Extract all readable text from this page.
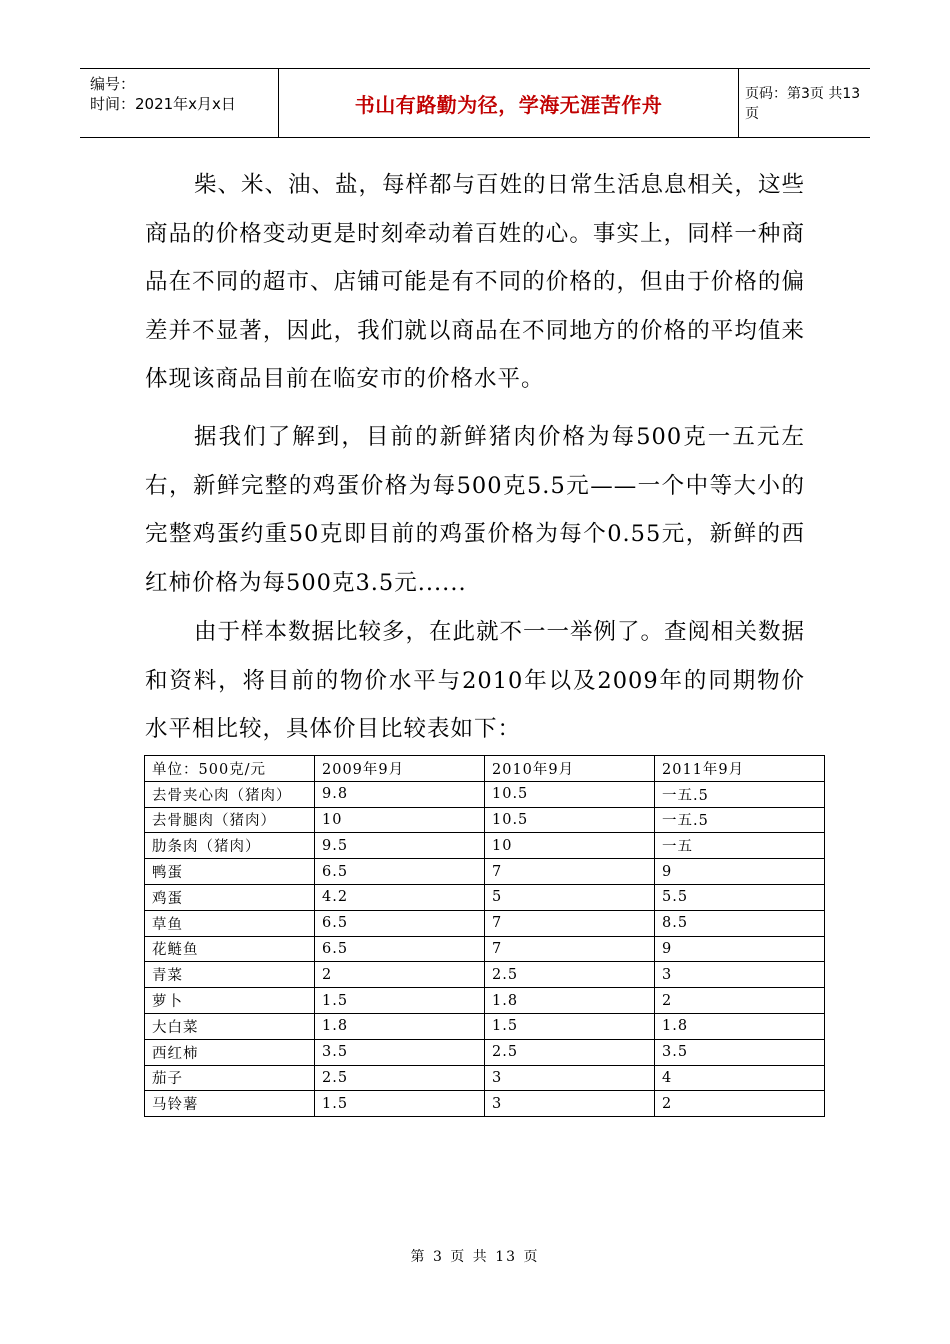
编号：
时间：2021年x月x日	书山有路勤为径，学海无涯苦作舟	页码：第3页 共13页

柴、米、油、盐，每样都与百姓的日常生活息息相关，这些商品的价格变动更是时刻牵动着百姓的心。事实上，同样一种商品在不同的超市、店铺可能是有不同的价格的，但由于价格的偏差并不显著，因此，我们就以商品在不同地方的价格的平均值来体现该商品目前在临安市的价格水平。

据我们了解到，目前的新鲜猪肉价格为每500克一五元左右，新鲜完整的鸡蛋价格为每500克5.5元——一个中等大小的完整鸡蛋约重50克即目前的鸡蛋价格为每个0.55元，新鲜的西红柿价格为每500克3.5元......

由于样本数据比较多，在此就不一一举例了。查阅相关数据和资料，将目前的物价水平与2010年以及2009年的同期物价水平相比较，具体价目比较表如下：

单位：500克/元	2009年9月	2010年9月	2011年9月
去骨夹心肉（猪肉）	9.8	10.5	一五.5
去骨腿肉（猪肉）	10	10.5	一五.5
肋条肉（猪肉）	9.5	10	一五
鸭蛋	6.5	7	9
鸡蛋	4.2	5	5.5
草鱼	6.5	7	8.5
花鲢鱼	6.5	7	9
青菜	2	2.5	3
萝卜	1.5	1.8	2
大白菜	1.8	1.5	1.8
西红柿	3.5	2.5	3.5
茄子	2.5	3	4
马铃薯	1.5	3	2
第 3 页 共 13 页
